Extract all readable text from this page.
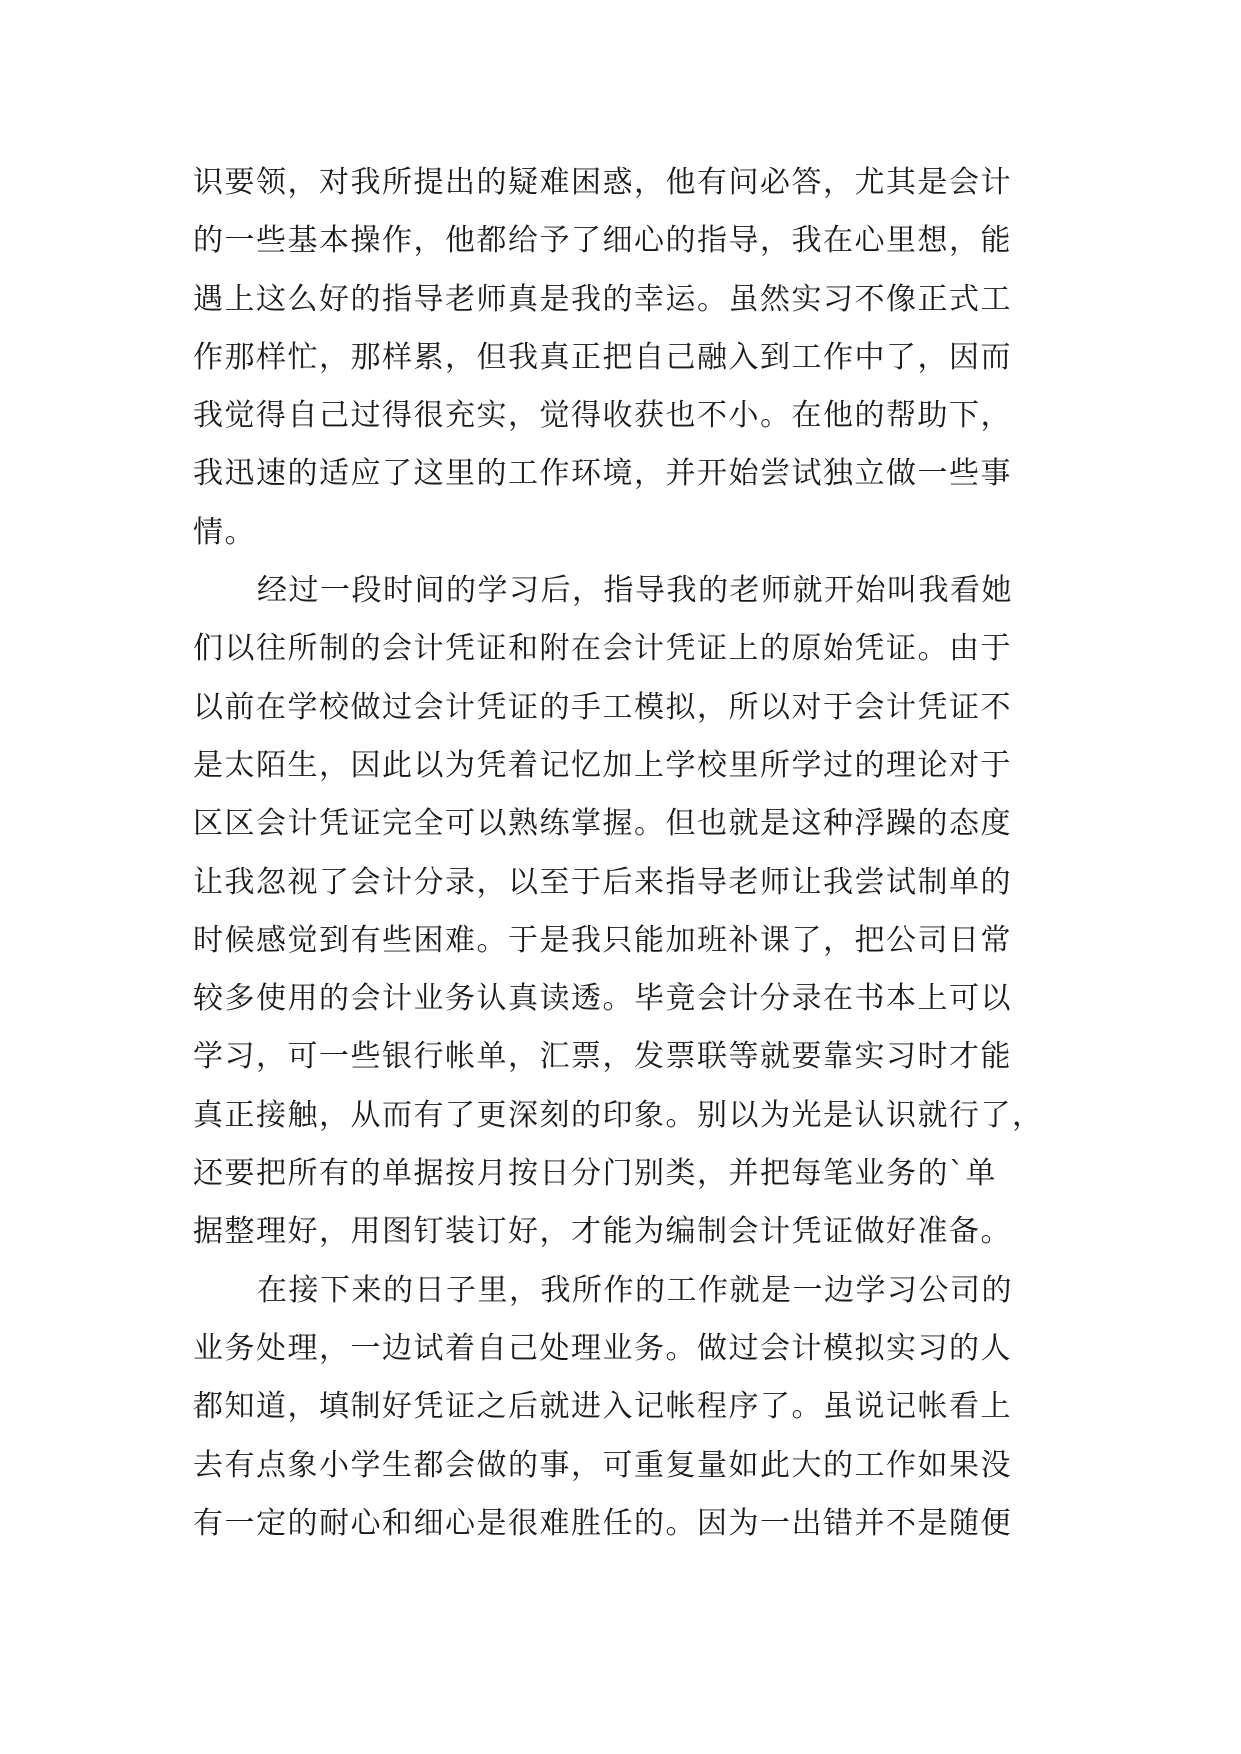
识要领，对我所提出的疑难困惑，他有问必答，尤其是会计
的一些基本操作，他都给予了细心的指导，我在心里想，能
遇上这么好的指导老师真是我的幸运。虽然实习不像正式工
作那样忙，那样累，但我真正把自己融入到工作中了，因而
我觉得自己过得很充实，觉得收获也不小。在他的帮助下，
我迅速的适应了这里的工作环境，并开始尝试独立做一些事
情。
经过一段时间的学习后，指导我的老师就开始叫我看她
们以往所制的会计凭证和附在会计凭证上的原始凭证。由于
以前在学校做过会计凭证的手工模拟，所以对于会计凭证不
是太陌生，因此以为凭着记忆加上学校里所学过的理论对于
区区会计凭证完全可以熟练掌握。但也就是这种浮躁的态度
让我忽视了会计分录，以至于后来指导老师让我尝试制单的
时候感觉到有些困难。于是我只能加班补课了，把公司日常
较多使用的会计业务认真读透。毕竟会计分录在书本上可以
学习，可一些银行帐单，汇票，发票联等就要靠实习时才能
真正接触，从而有了更深刻的印象。别以为光是认识就行了，
还要把所有的单据按月按日分门别类，并把每笔业务的`单
据整理好，用图钉装订好，才能为编制会计凭证做好准备。
在接下来的日子里，我所作的工作就是一边学习公司的
业务处理，一边试着自己处理业务。做过会计模拟实习的人
都知道，填制好凭证之后就进入记帐程序了。虽说记帐看上
去有点象小学生都会做的事，可重复量如此大的工作如果没
有一定的耐心和细心是很难胜任的。因为一出错并不是随便
